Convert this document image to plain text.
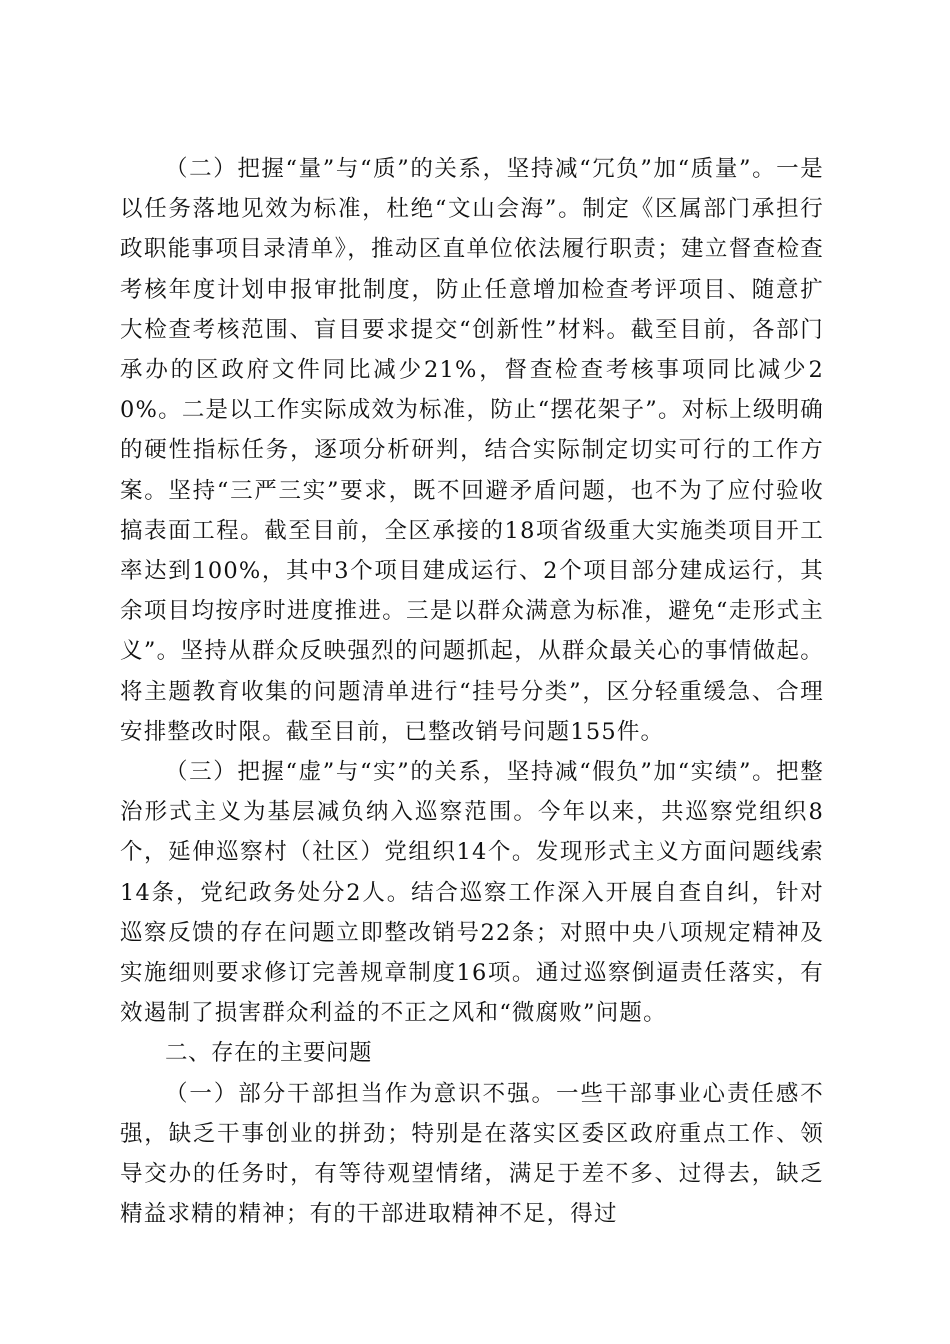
（二）把握“量”与“质”的关系，坚持减“冗负”加“质量”。一是以任务落地见效为标准，杜绝“文山会海”。制定《区属部门承担行政职能事项目录清单》，推动区直单位依法履行职责；建立督查检查考核年度计划申报审批制度，防止任意增加检查考评项目、随意扩大检查考核范围、盲目要求提交“创新性”材料。截至目前，各部门承办的区政府文件同比减少21%，督查检查考核事项同比减少20%。二是以工作实际成效为标准，防止“摆花架子”。对标上级明确的硬性指标任务，逐项分析研判，结合实际制定切实可行的工作方案。坚持“三严三实”要求，既不回避矛盾问题，也不为了应付验收搞表面工程。截至目前，全区承接的18项省级重大实施类项目开工率达到100%，其中3个项目建成运行、2个项目部分建成运行，其余项目均按序时进度推进。三是以群众满意为标准，避免“走形式主义”。坚持从群众反映强烈的问题抓起，从群众最关心的事情做起。将主题教育收集的问题清单进行“挂号分类”，区分轻重缓急、合理安排整改时限。截至目前，已整改销号问题155件。

（三）把握“虚”与“实”的关系，坚持减“假负”加“实绩”。把整治形式主义为基层减负纳入巡察范围。今年以来，共巡察党组织8个，延伸巡察村（社区）党组织14个。发现形式主义方面问题线索14条，党纪政务处分2人。结合巡察工作深入开展自查自纠，针对巡察反馈的存在问题立即整改销号22条；对照中央八项规定精神及实施细则要求修订完善规章制度16项。通过巡察倒逼责任落实，有效遏制了损害群众利益的不正之风和“微腐败”问题。

二、存在的主要问题

（一）部分干部担当作为意识不强。一些干部事业心责任感不强，缺乏干事创业的拼劲；特别是在落实区委区政府重点工作、领导交办的任务时，有等待观望情绪，满足于差不多、过得去，缺乏精益求精的精神；有的干部进取精神不足，得过
